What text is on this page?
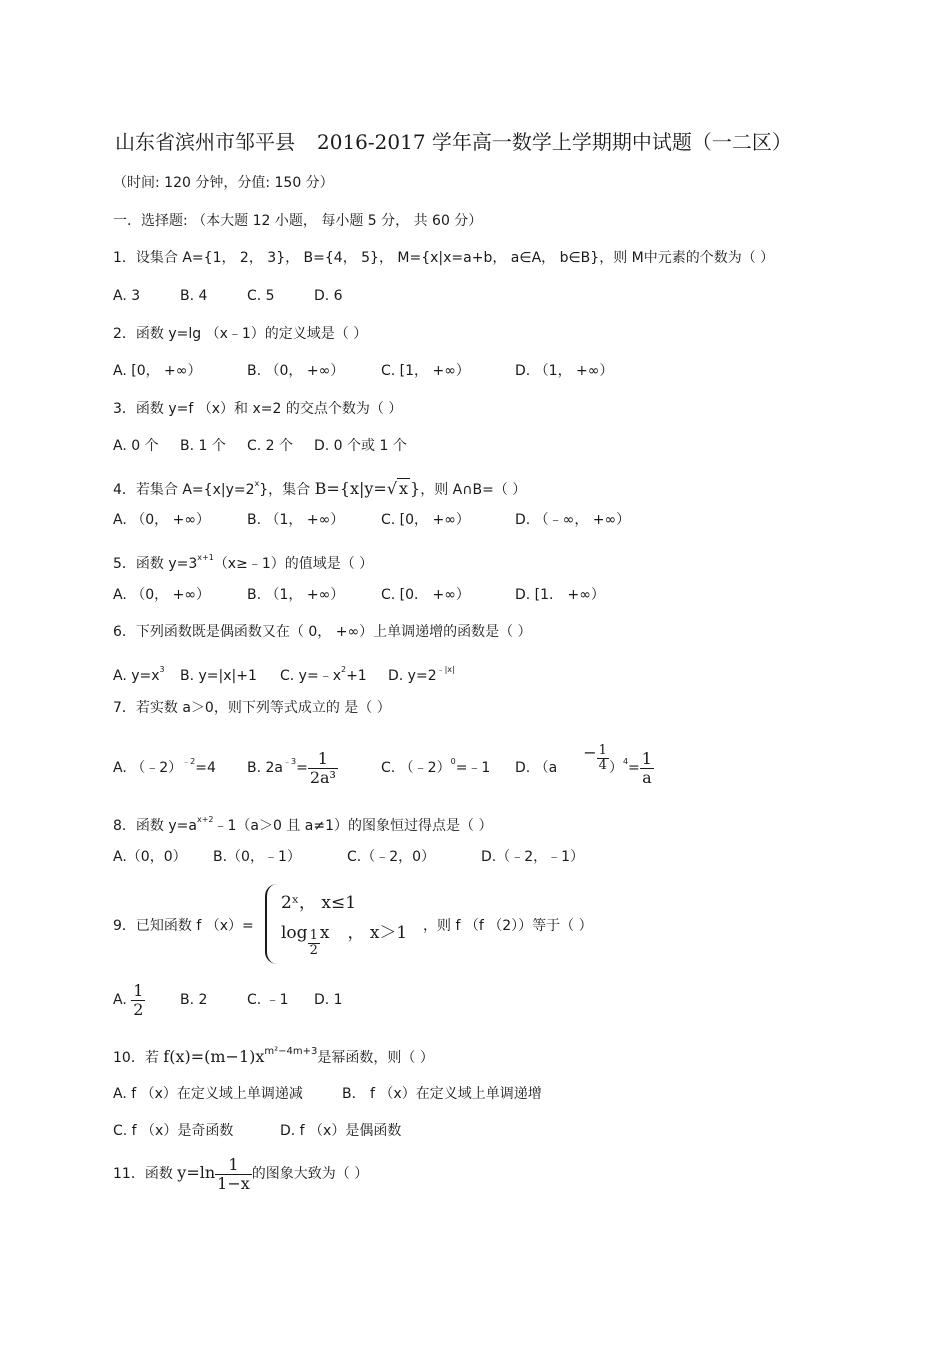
山东省滨州市邹平县 2016-2017 学年高一数学上学期期中试题（一二区）
（时间: 120 分钟，分值: 150 分）
一．选择题: （本大题 12 小题， 每小题 5 分， 共 60 分）
1．设集合 A={1， 2， 3}， B={4， 5}， M={x|x=a+b， a∈A， b∈B}，则 M中元素的个数为（ ）
A. 3	B. 4	C. 5	D. 6
2．函数 y=lg （x﹣1）的定义域是（ ）
A. [0， +∞）	B. （0， +∞）	C. [1， +∞）	D. （1， +∞）
3．函数 y=f （x）和 x=2 的交点个数为（ ）
A. 0 个 B. 1 个 C. 2 个 D. 0 个或 1 个
4．若集合 $A=\{x|y=2^x\}$，集合 B={x|y=√ x }，则 A∩B=（ ）
A. （0， +∞）	B. （1， +∞）	C. [0， +∞）	D. （﹣∞， +∞）
5．函数 $y=3^{x+1}(x\ge﹣1)$的值域是（ ）
A. （0， +∞）	B. （1， +∞）	C. [0． +∞）	D. [1． +∞）
6．下列函数既是偶函数又在（ 0， +∞）上单调递增的函数是（ ）
A. $y=x^3$ B. y=|x|+1 C. $y=﹣x^2+1$ D. $y=2^{﹣|x|}$
7．若实数 a＞0，则下列等式成立的 是（ ）
A. （﹣2）$^{﹣2}$=4 B. $2a^{﹣3}= \frac{1}{\text{2a³}}$	C. （﹣2）$^0$=﹣1 D. $(a- \frac{1}{4} )^4= \frac{1}{a}$
8．函数 $y=a^{x+2}﹣1(a>0$ 且 a≠1）的图象恒过得点是（ ）
A.（0，0） B.（0，﹣1）	C.（﹣2，0）	D.（﹣2，﹣1）
9．已知函数 f （x）=
2ˣ， x≤1
$\log \frac{1}{2}$ x ， x＞1 ，则 f （f （2））等于（ ）
A. $\frac{1}{2} B$. 2	C. ﹣1 D. 1
10．若 $f(x)=(m-1)x^{m^2-4m+3}$是幂函数，则（ ）
A. f （x）在定义域上单调递减	B． f （x）在定义域上单调递增
C. f （x）是奇函数	D. f （x）是偶函数
11．函数 $y=\ln \frac{1}{1-x}$ 的图象大致为（ ）
